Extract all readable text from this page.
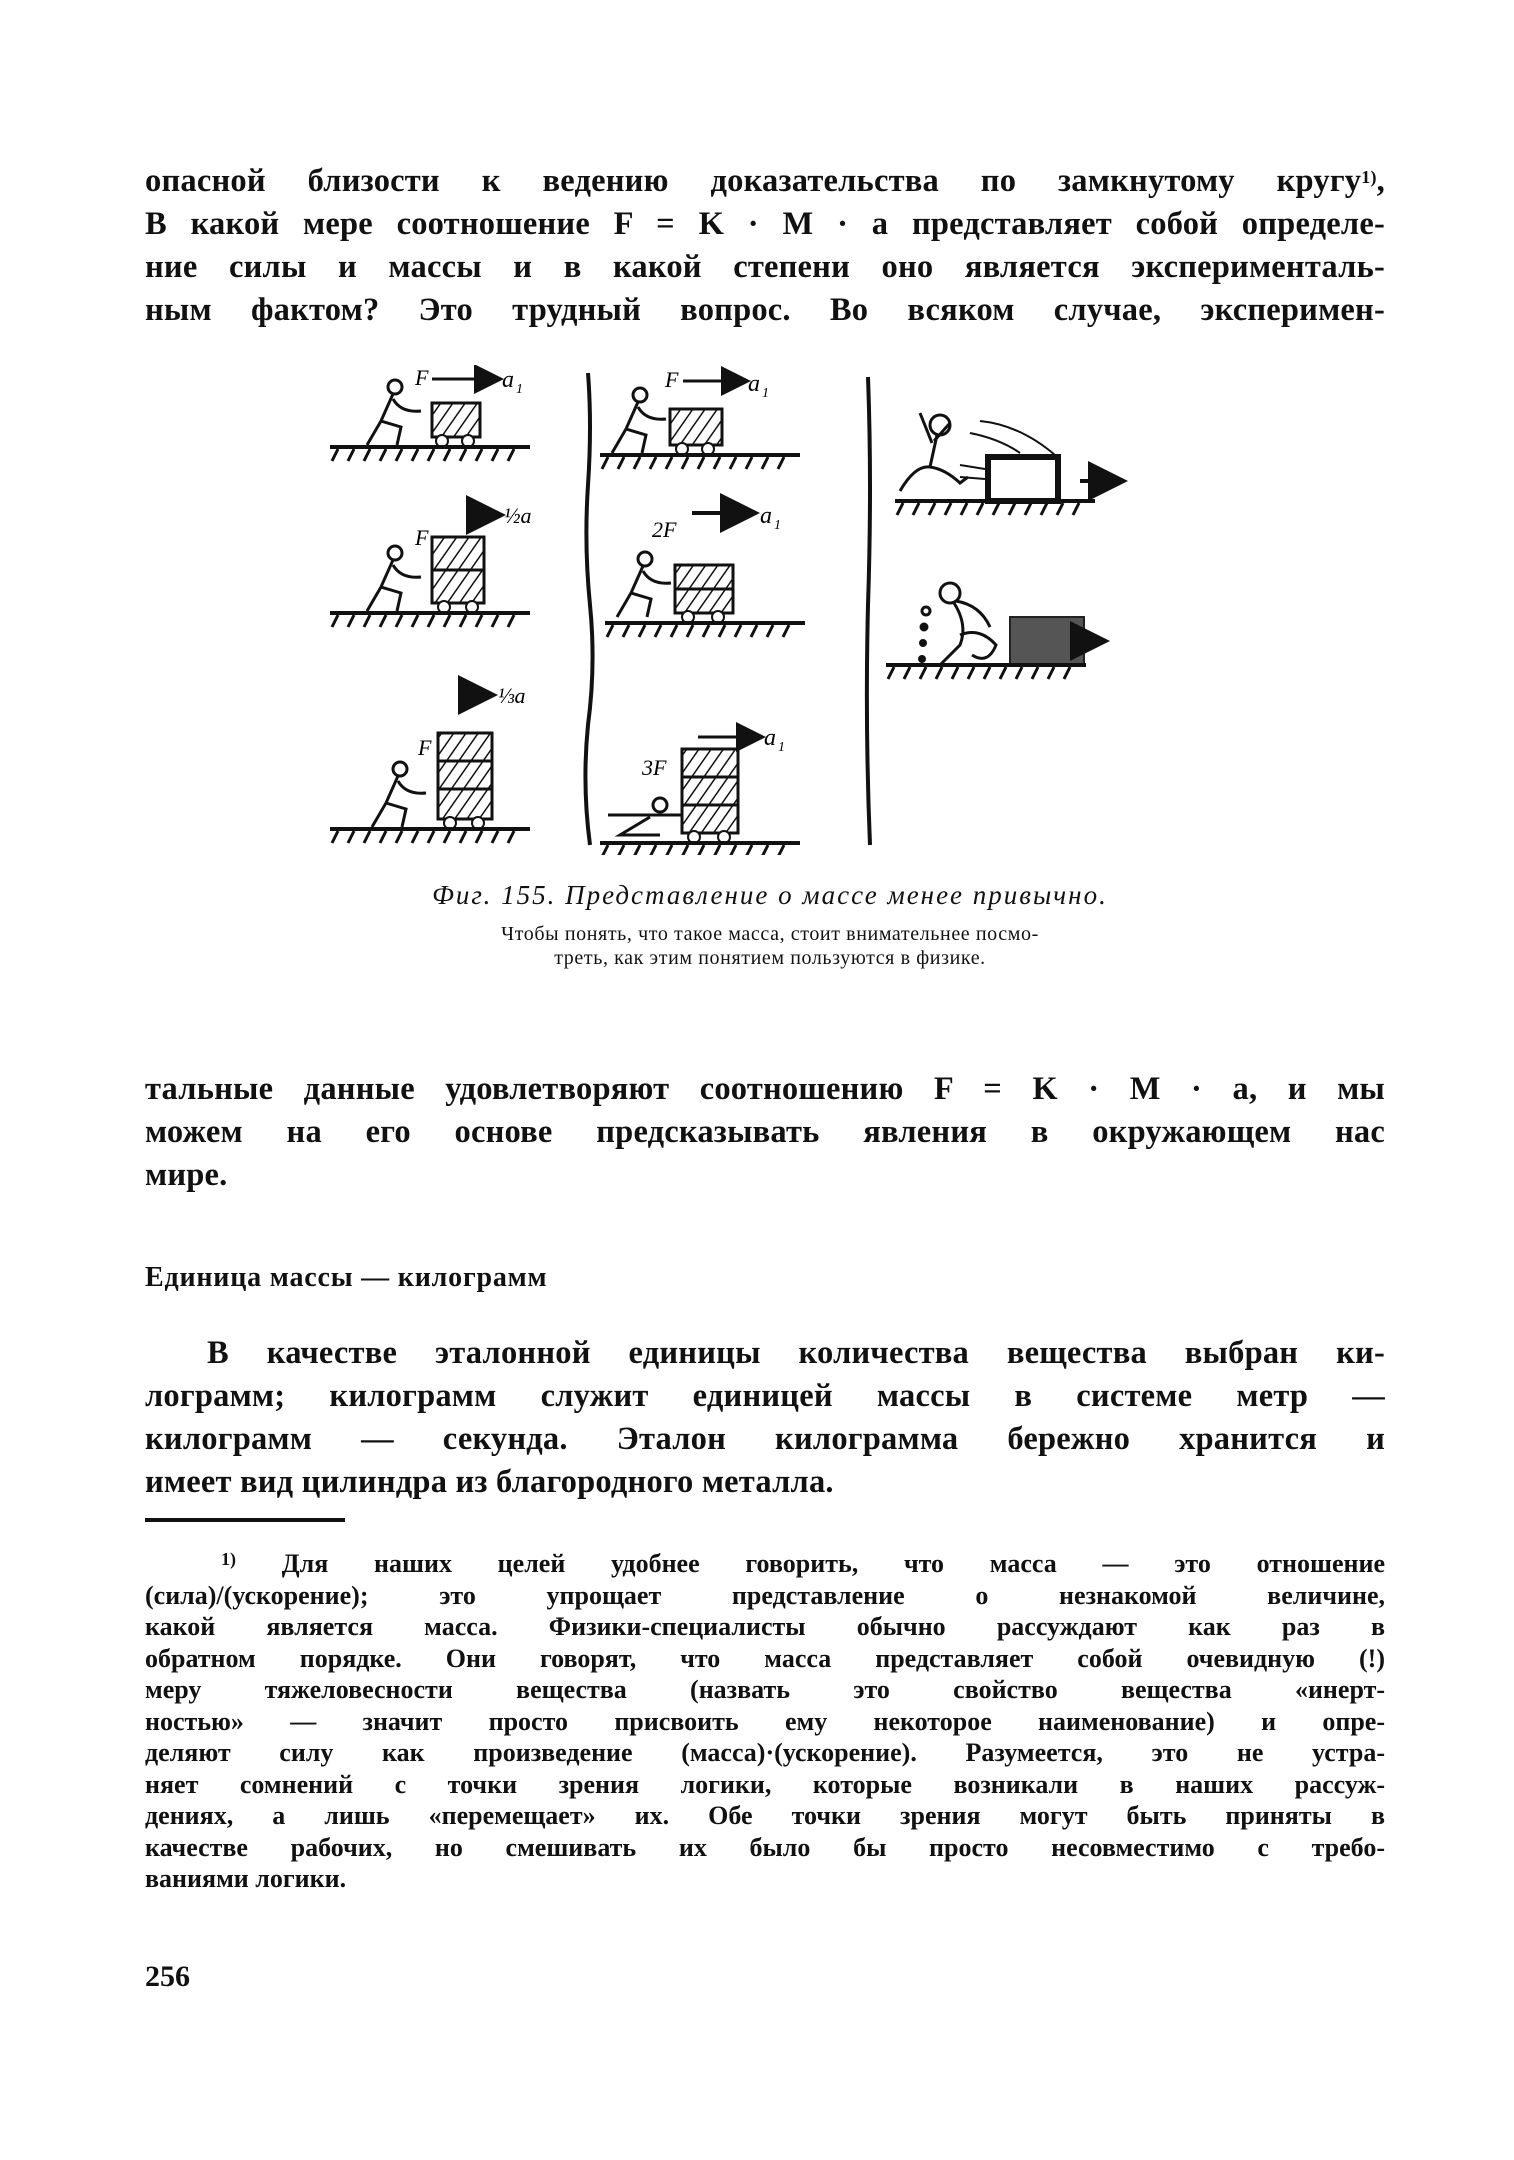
опасной близости к ведению доказательства по замкнутому кругу$^{1)}$,
В какой мере соотношение F = K · M · a представляет собой определе-
ние силы и массы и в какой степени оно является эксперименталь-
ным фактом? Это трудный вопрос. Во всяком случае, эксперимен-
F	a 1
½a
F
⅓a
F
F	a 1
2F
a 1
a 1
3F
Фиг. 155. Представление о массе менее привычно.
Чтобы понять, что такое масса, стоит внимательнее посмо-
треть, как этим понятием пользуются в физике.
тальные данные удовлетворяют соотношению F = K · M · a, и мы
можем на его основе предсказывать явления в окружающем нас
мире.
Единица массы — килограмм
В качестве эталонной единицы количества вещества выбран ки-
лограмм; килограмм служит единицей массы в системе метр —
килограмм — секунда. Эталон килограмма бережно хранится и
имеет вид цилиндра из благородного металла.
$^{1)}$ Для наших целей удобнее говорить, что масса — это отношение
(сила)/(ускорение); это упрощает представление о незнакомой величине,
какой является масса. Физики-специалисты обычно рассуждают как раз в
обратном порядке. Они говорят, что масса представляет собой очевидную (!)
меру тяжеловесности вещества (назвать это свойство вещества «инерт-
ностью» — значит просто присвоить ему некоторое наименование) и опре-
деляют силу как произведение (масса)·(ускорение). Разумеется, это не устра-
няет сомнений с точки зрения логики, которые возникали в наших рассуж-
дениях, а лишь «перемещает» их. Обе точки зрения могут быть приняты в
качестве рабочих, но смешивать их было бы просто несовместимо с требо-
ваниями логики.
256
